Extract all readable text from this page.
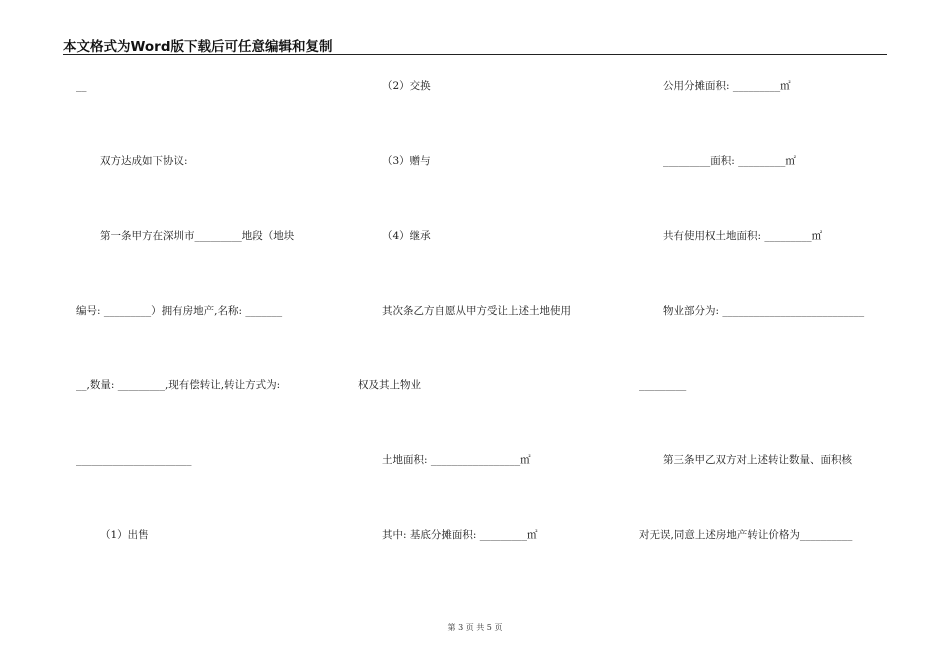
本文格式为Word版下载后可任意编辑和复制
__
双方达成如下协议:
第一条甲方在深圳市_________地段（地块
编号: _________）拥有房地产,名称: _______
__,数量: _________,现有偿转让,转让方式为:
______________________
（1）出售
（2）交换
（3）赠与
（4）继承
其次条乙方自愿从甲方受让上述土地使用
权及其上物业
土地面积: _________________㎡
其中: 基底分摊面积: _________㎡
公用分摊面积: _________㎡
_________面积: _________㎡
共有使用权土地面积: _________㎡
物业部分为: ___________________________
_________
第三条甲乙双方对上述转让数量、面积核
对无误,同意上述房地产转让价格为__________
第 3 页 共 5 页
